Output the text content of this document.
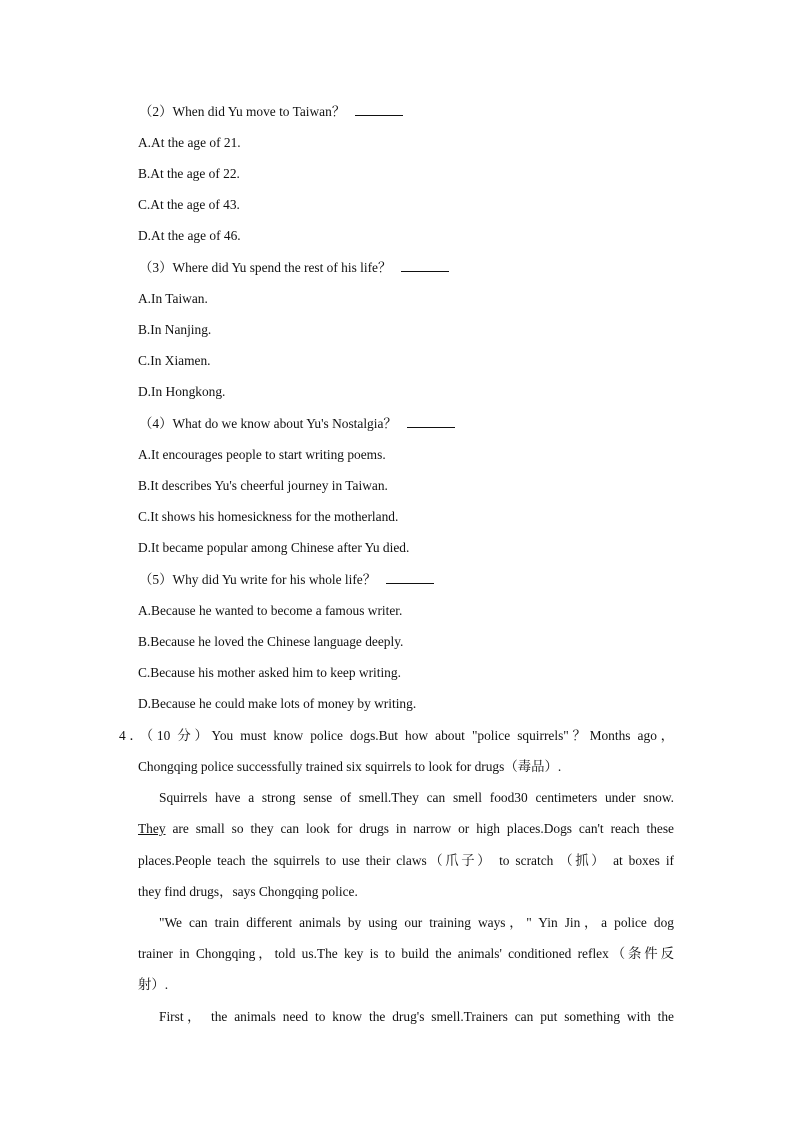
（2）When did Yu move to Taiwan？
A.At the age of 21.
B.At the age of 22.
C.At the age of 43.
D.At the age of 46.
（3）Where did Yu spend the rest of his life？
A.In Taiwan.
B.In Nanjing.
C.In Xiamen.
D.In Hongkong.
（4）What do we know about Yu's Nostalgia？
A.It encourages people to start writing poems.
B.It describes Yu's cheerful journey in Taiwan.
C.It shows his homesickness for the motherland.
D.It became popular among Chinese after Yu died.
（5）Why did Yu write for his whole life？
A.Because he wanted to become a famous writer.
B.Because he loved the Chinese language deeply.
C.Because his mother asked him to keep writing.
D.Because he could make lots of money by writing.
4．（10 分）You must know police dogs.But how about "police squirrels"？Months ago，
Chongqing police successfully trained six squirrels to look for drugs（毒品）.
Squirrels have a strong sense of smell.They can smell food30 centimeters under snow.
They are small so they can look for drugs in narrow or high places.Dogs can't reach these
places.People teach the squirrels to use their claws（爪子） to scratch （抓） at boxes if
they find drugs，says Chongqing police.
"We can train different animals by using our training ways，" Yin Jin，a police dog
trainer in Chongqing，told us.The key is to build the animals' conditioned reflex（条件反
射）.
First， the animals need to know the drug's smell.Trainers can put something with the
